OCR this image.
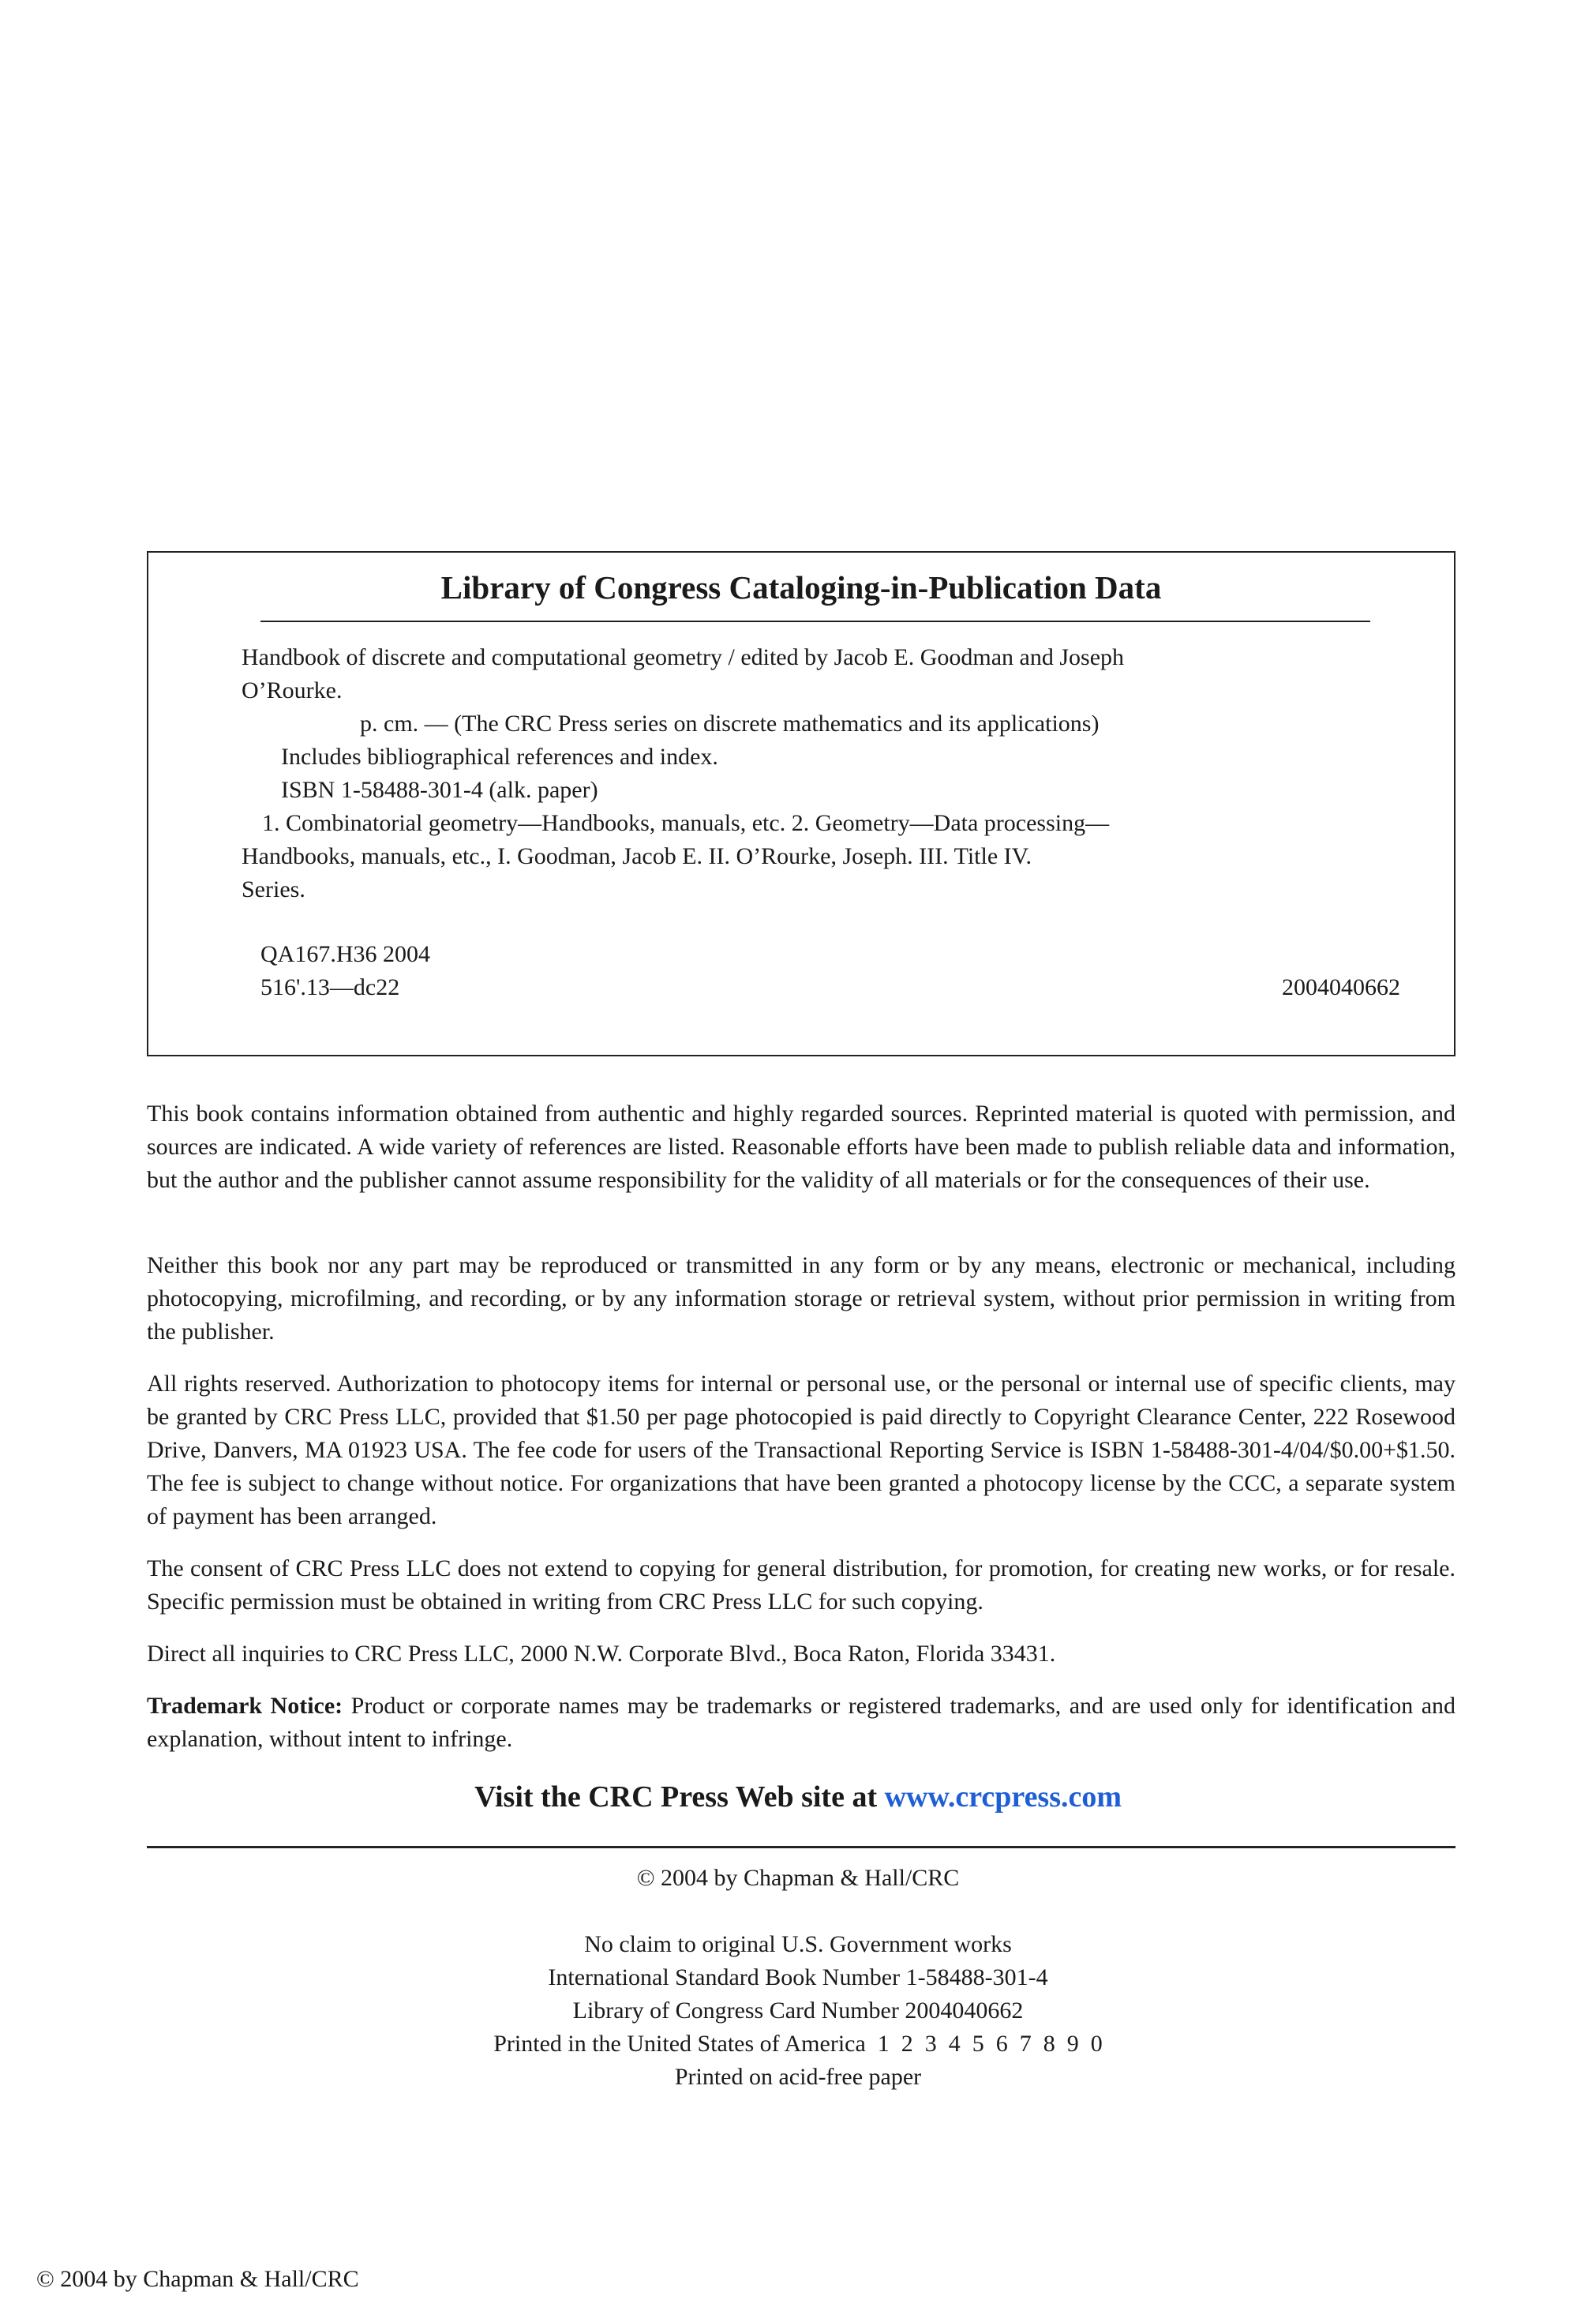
Library of Congress Cataloging-in-Publication Data
Handbook of discrete and computational geometry / edited by Jacob E. Goodman and Joseph
O’Rourke.
p. cm. — (The CRC Press series on discrete mathematics and its applications)
Includes bibliographical references and index.
ISBN 1-58488-301-4 (alk. paper)
1. Combinatorial geometry—Handbooks, manuals, etc. 2. Geometry—Data processing—
Handbooks, manuals, etc., I. Goodman, Jacob E. II. O’Rourke, Joseph. III. Title IV.
Series.
QA167.H36 2004
516'.13—dc22	2004040662
This book contains information obtained from authentic and highly regarded sources. Reprinted material is quoted with permission, and sources are indicated. A wide variety of references are listed. Reasonable efforts have been made to publish reliable data and information, but the author and the publisher cannot assume responsibility for the validity of all materials or for the consequences of their use.
Neither this book nor any part may be reproduced or transmitted in any form or by any means, electronic or mechanical, including photocopying, microfilming, and recording, or by any information storage or retrieval system, without prior permission in writing from the publisher.
All rights reserved. Authorization to photocopy items for internal or personal use, or the personal or internal use of specific clients, may be granted by CRC Press LLC, provided that $1.50 per page photocopied is paid directly to Copyright Clearance Center, 222 Rosewood Drive, Danvers, MA 01923 USA. The fee code for users of the Transactional Reporting Service is ISBN 1-58488-301-4/04/$0.00+$1.50. The fee is subject to change without notice. For organizations that have been granted a photocopy license by the CCC, a separate system of payment has been arranged.
The consent of CRC Press LLC does not extend to copying for general distribution, for promotion, for creating new works, or for resale. Specific permission must be obtained in writing from CRC Press LLC for such copying.
Direct all inquiries to CRC Press LLC, 2000 N.W. Corporate Blvd., Boca Raton, Florida 33431.
Trademark Notice: Product or corporate names may be trademarks or registered trademarks, and are used only for identification and explanation, without intent to infringe.
Visit the CRC Press Web site at www.crcpress.com
© 2004 by Chapman & Hall/CRC
No claim to original U.S. Government works
International Standard Book Number 1-58488-301-4
Library of Congress Card Number 2004040662
Printed in the United States of America 1  2  3  4  5  6  7  8  9  0
Printed on acid-free paper
© 2004 by Chapman & Hall/CRC
